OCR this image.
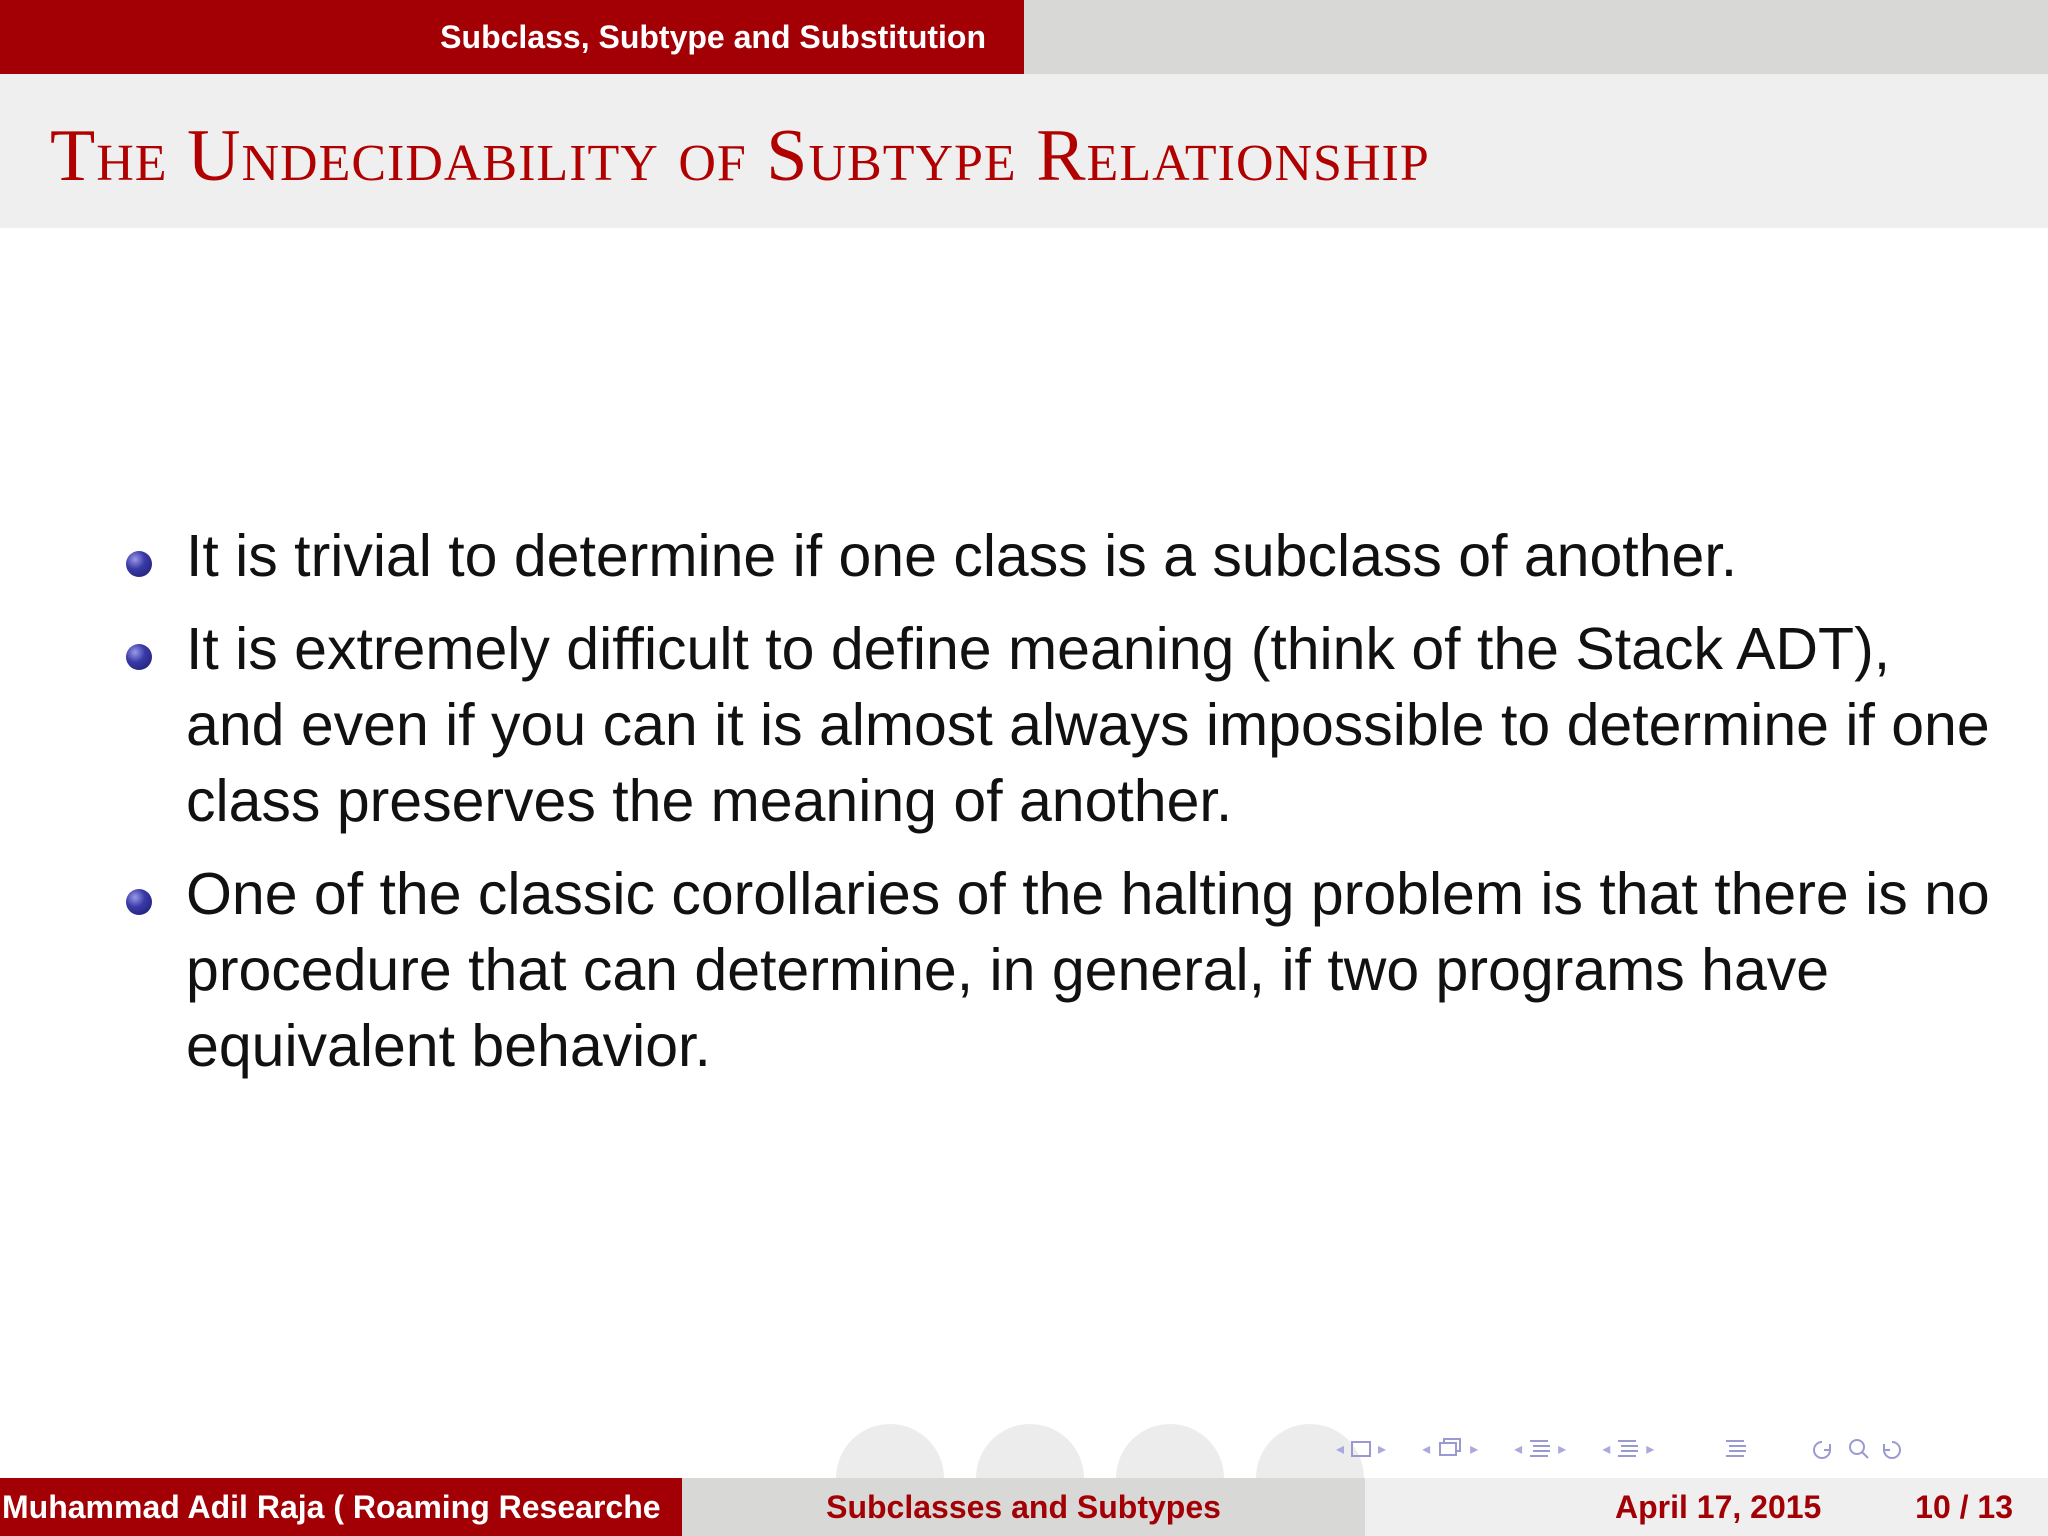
Subclass, Subtype and Substitution
The Undecidability of Subtype Relationship
It is trivial to determine if one class is a subclass of another.
It is extremely difficult to define meaning (think of the Stack ADT), and even if you can it is almost always impossible to determine if one class preserves the meaning of another.
One of the classic corollaries of the halting problem is that there is no procedure that can determine, in general, if two programs have equivalent behavior.
◂ ▸ ◂	▸ ◂ ▸ ◂ ▸
Muhammad Adil Raja ( Roaming Researche	Subclasses and Subtypes	April 17, 2015	10 / 13
